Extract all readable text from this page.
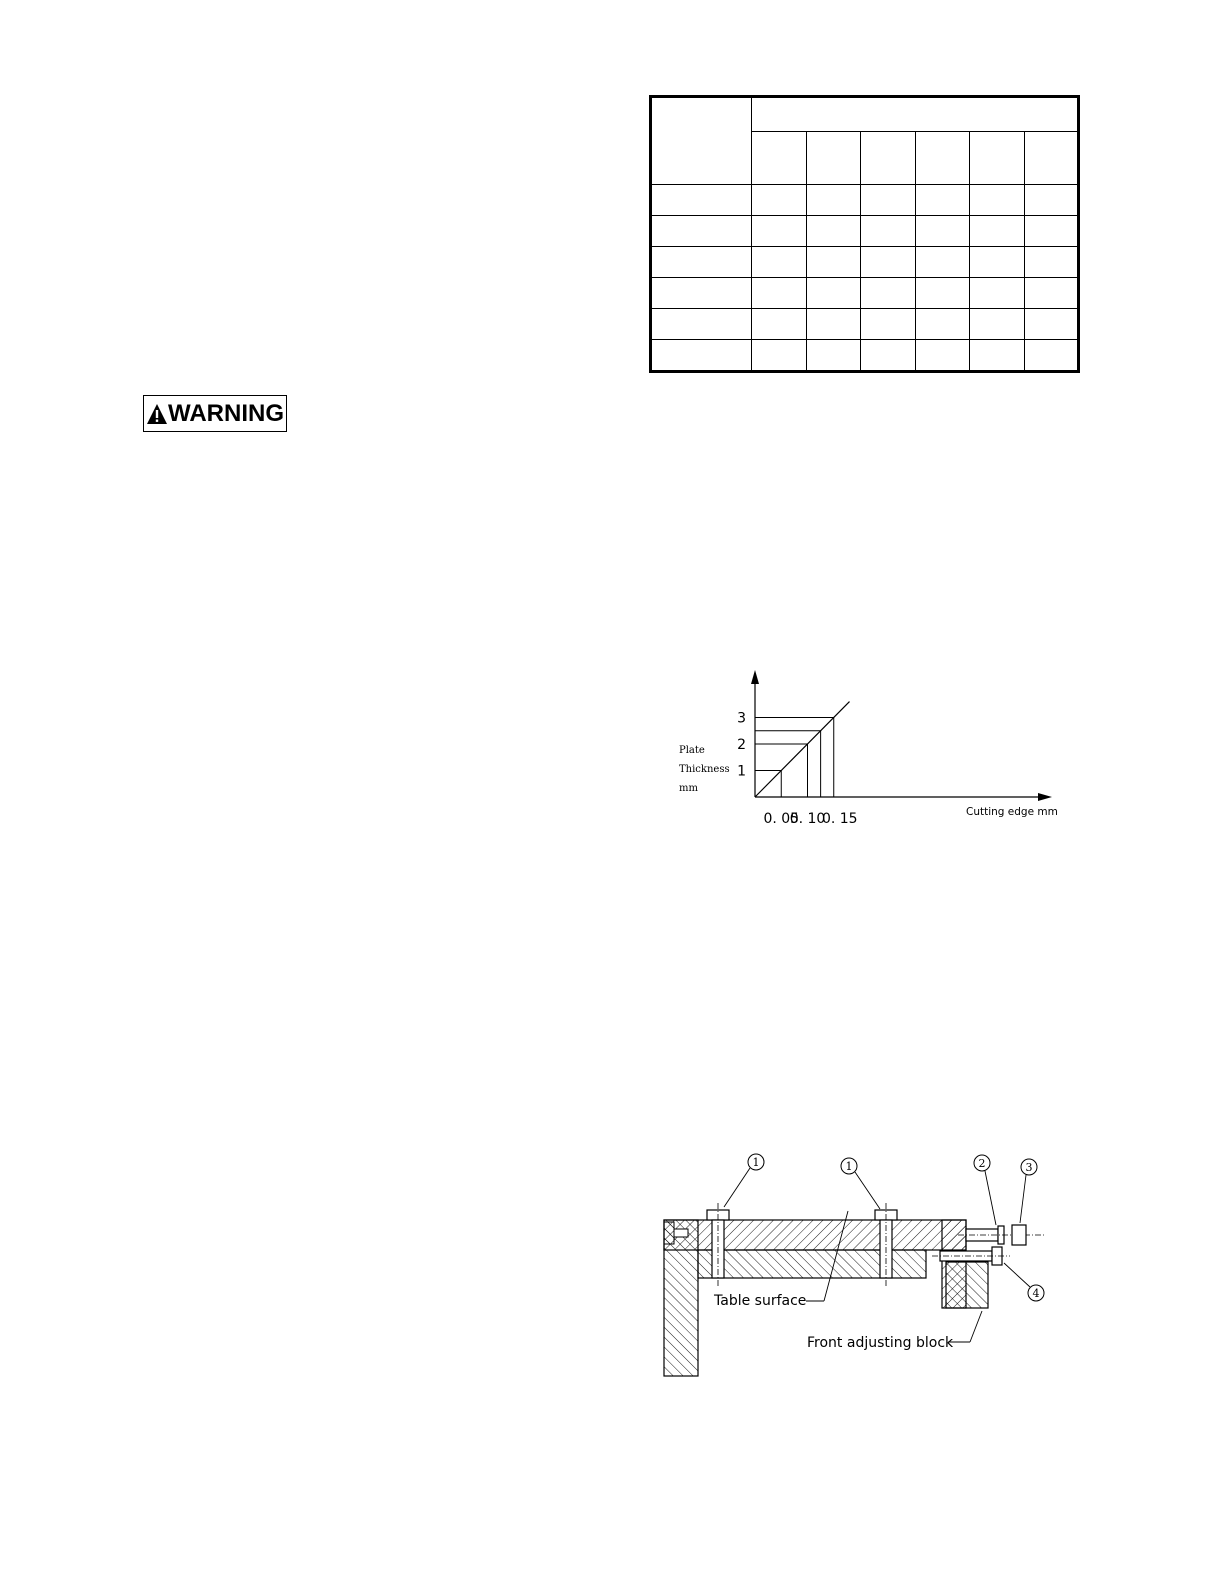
WARNING
1
2
3
0. 05
0. 10
0. 15
Plate
Thickness
mm
Cutting edge mm
1	1	2	3
4
Table surface
Front adjusting block
